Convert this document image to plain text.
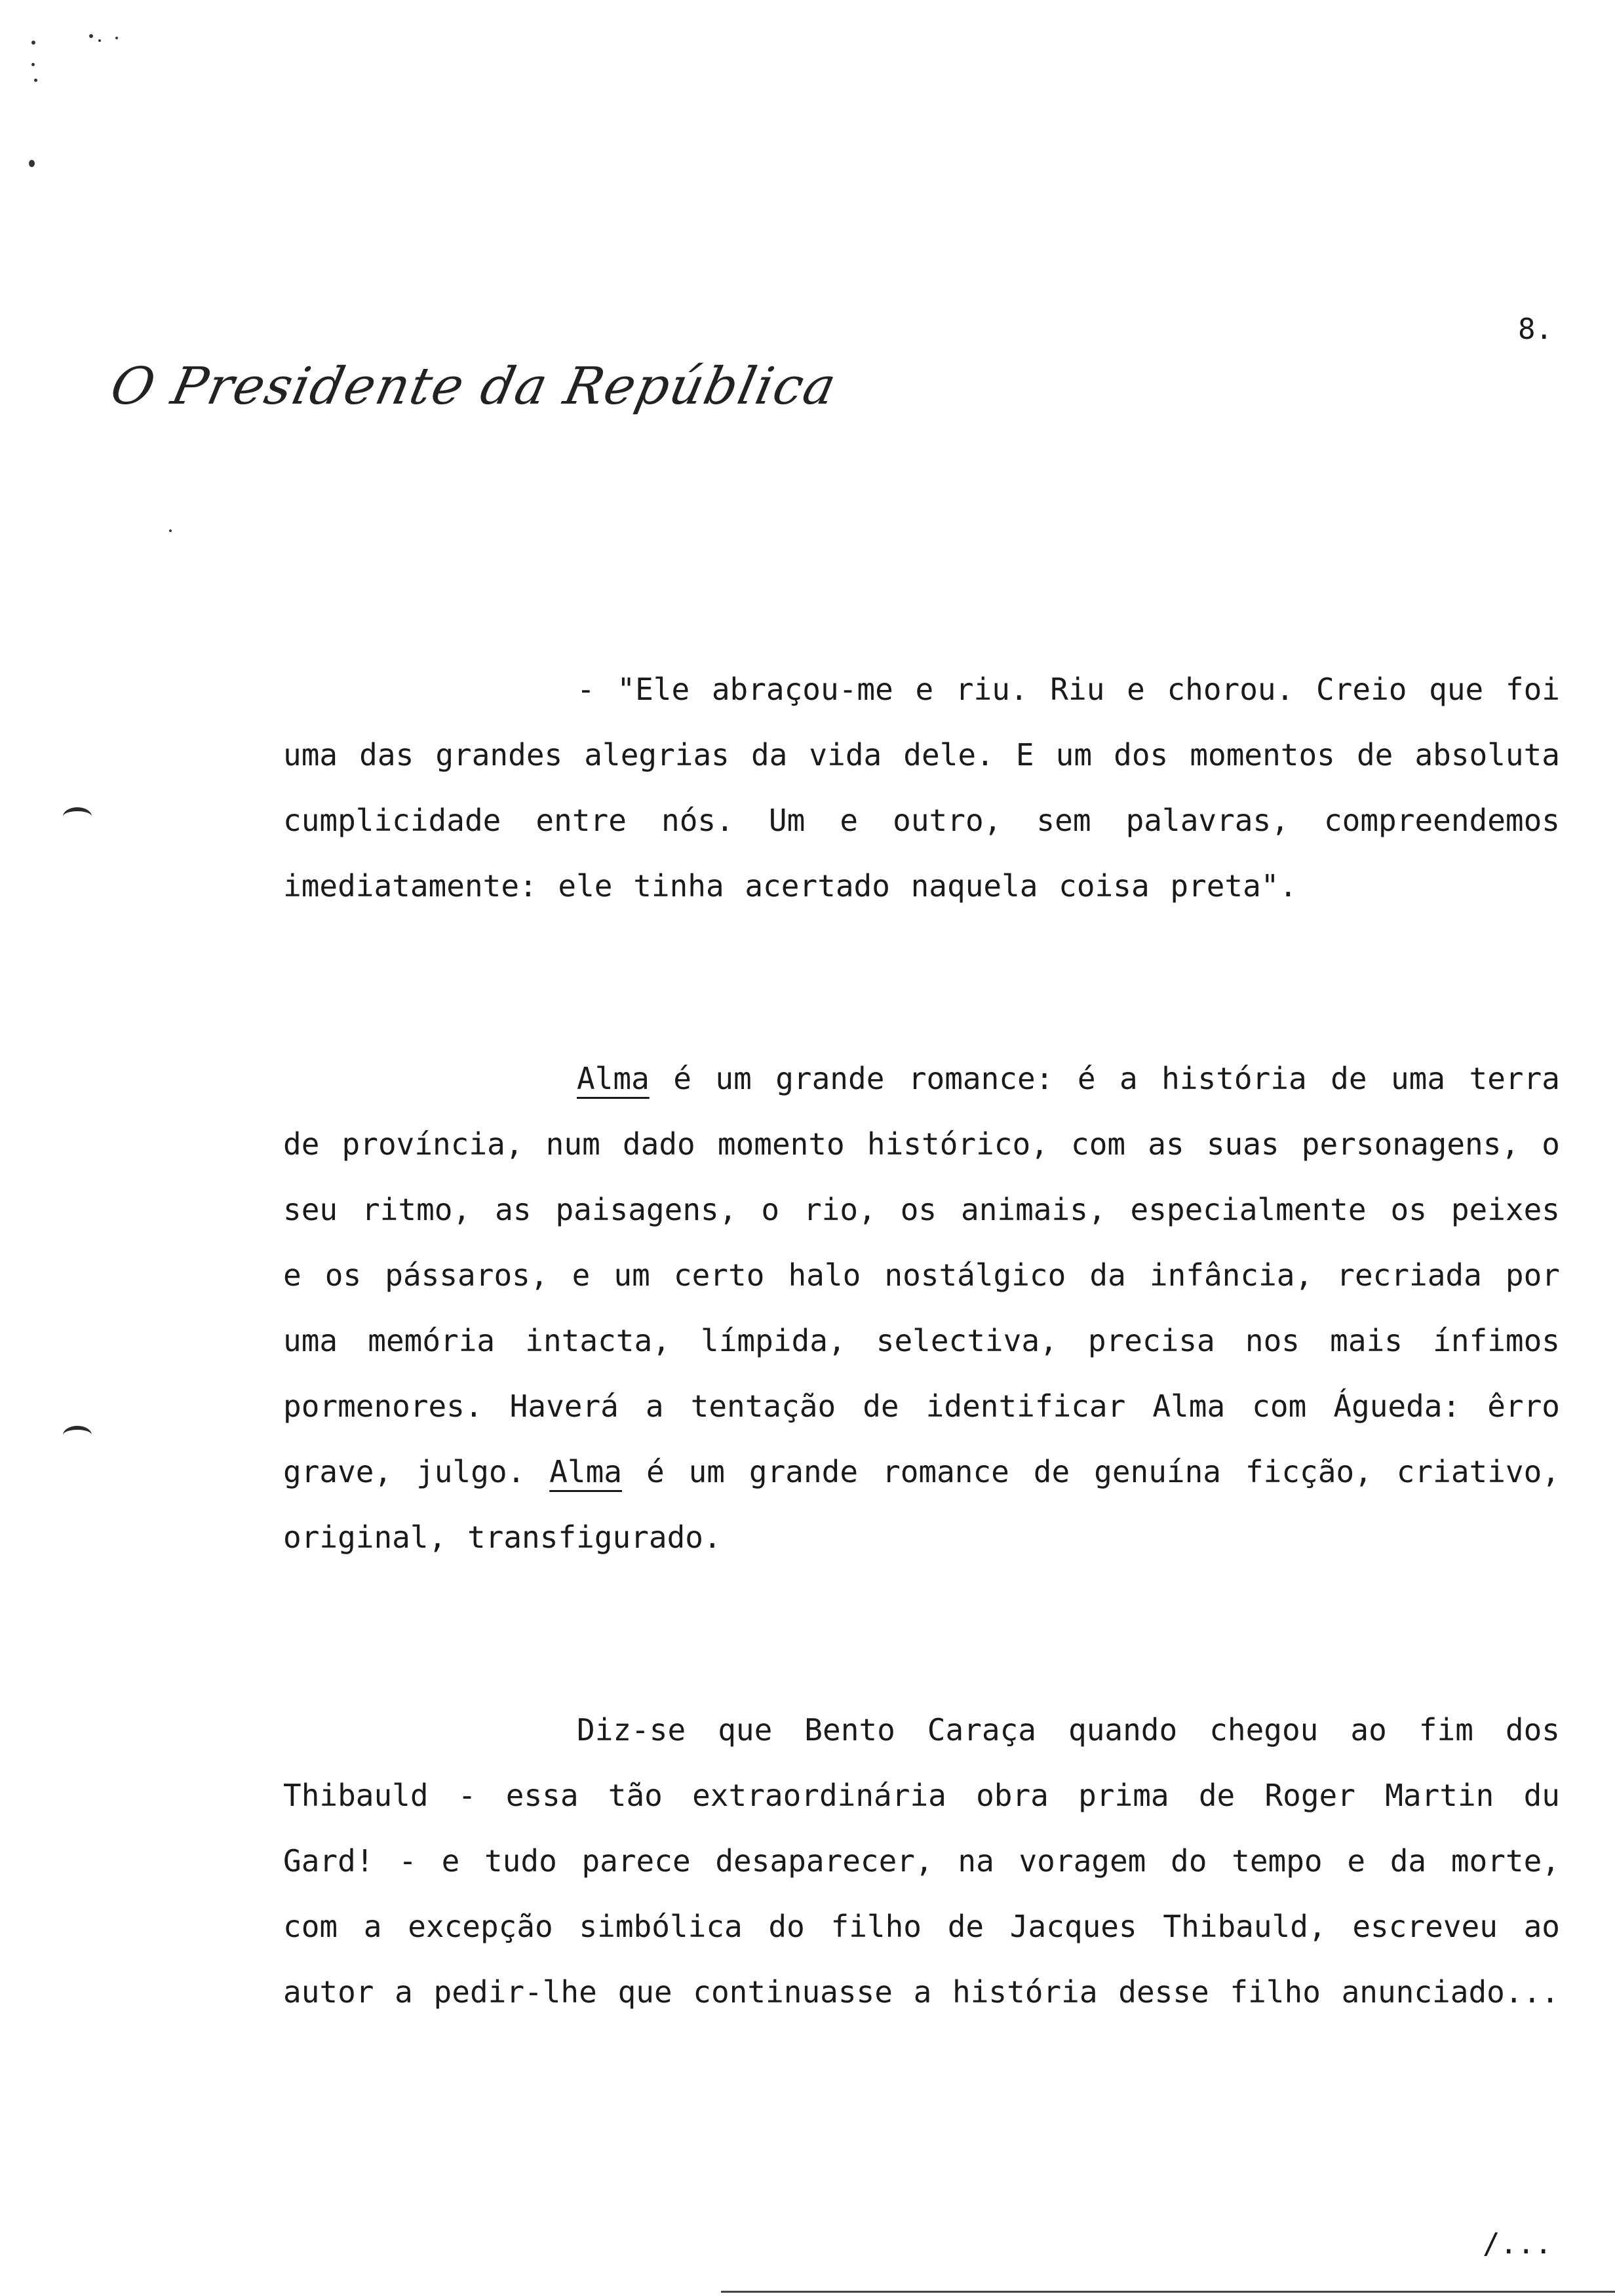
8.
O Presidente da República
- "Ele abraçou-me e riu. Riu e chorou. Creio que foi uma das grandes alegrias da vida dele. E um dos momentos de absoluta cumplicidade entre nós. Um e outro, sem palavras, compreendemos imediatamente: ele tinha acertado naquela coisa preta".
Alma é um grande romance: é a história de uma terra de província, num dado momento histórico, com as suas personagens, o seu ritmo, as paisagens, o rio, os animais, especialmente os peixes e os pássaros, e um certo halo nostálgico da infância, recriada por uma memória intacta, límpida, selectiva, precisa nos mais ínfimos pormenores. Haverá a tentação de identificar Alma com Águeda: êrro grave, julgo. Alma é um grande romance de genuína ficção, criativo, original, transfigurado.
Diz-se que Bento Caraça quando chegou ao fim dos Thibauld - essa tão extraordinária obra prima de Roger Martin du Gard! - e tudo parece desaparecer, na voragem do tempo e da morte, com a excepção simbólica do filho de Jacques Thibauld, escreveu ao autor a pedir-lhe que continuasse a história desse filho anunciado...
/...
